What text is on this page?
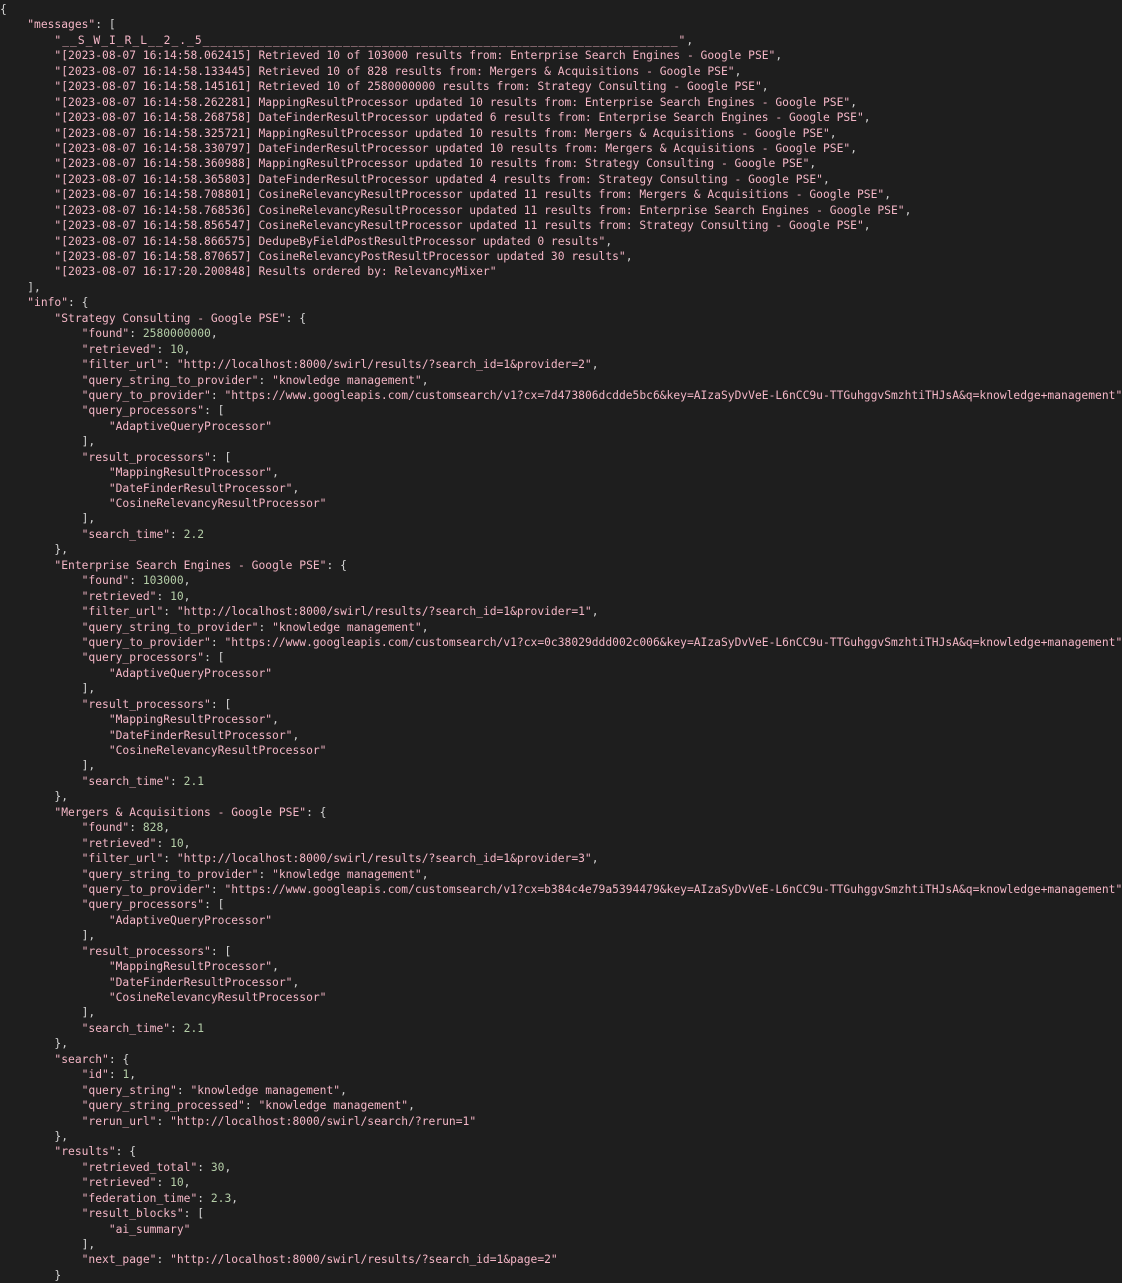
{
"messages": [
"__S_W_I_R_L__2_._5_____________________________________________________________",
"[2023-08-07 16:14:58.062415] Retrieved 10 of 103000 results from: Enterprise Search Engines - Google PSE",
"[2023-08-07 16:14:58.133445] Retrieved 10 of 828 results from: Mergers & Acquisitions - Google PSE",
"[2023-08-07 16:14:58.145161] Retrieved 10 of 2580000000 results from: Strategy Consulting - Google PSE",
"[2023-08-07 16:14:58.262281] MappingResultProcessor updated 10 results from: Enterprise Search Engines - Google PSE",
"[2023-08-07 16:14:58.268758] DateFinderResultProcessor updated 6 results from: Enterprise Search Engines - Google PSE",
"[2023-08-07 16:14:58.325721] MappingResultProcessor updated 10 results from: Mergers & Acquisitions - Google PSE",
"[2023-08-07 16:14:58.330797] DateFinderResultProcessor updated 10 results from: Mergers & Acquisitions - Google PSE",
"[2023-08-07 16:14:58.360988] MappingResultProcessor updated 10 results from: Strategy Consulting - Google PSE",
"[2023-08-07 16:14:58.365803] DateFinderResultProcessor updated 4 results from: Strategy Consulting - Google PSE",
"[2023-08-07 16:14:58.708801] CosineRelevancyResultProcessor updated 11 results from: Mergers & Acquisitions - Google PSE",
"[2023-08-07 16:14:58.768536] CosineRelevancyResultProcessor updated 11 results from: Enterprise Search Engines - Google PSE",
"[2023-08-07 16:14:58.856547] CosineRelevancyResultProcessor updated 11 results from: Strategy Consulting - Google PSE",
"[2023-08-07 16:14:58.866575] DedupeByFieldPostResultProcessor updated 0 results",
"[2023-08-07 16:14:58.870657] CosineRelevancyPostResultProcessor updated 30 results",
"[2023-08-07 16:17:20.200848] Results ordered by: RelevancyMixer"
],
"info": {
"Strategy Consulting - Google PSE": {
"found": 2580000000,
"retrieved": 10,
"filter_url": "http://localhost:8000/swirl/results/?search_id=1&provider=2",
"query_string_to_provider": "knowledge management",
"query_to_provider": "https://www.googleapis.com/customsearch/v1?cx=7d473806dcdde5bc6&key=AIzaSyDvVeE-L6nCC9u-TTGuhggvSmzhtiTHJsA&q=knowledge+management"
"query_processors": [
"AdaptiveQueryProcessor"
],
"result_processors": [
"MappingResultProcessor",
"DateFinderResultProcessor",
"CosineRelevancyResultProcessor"
],
"search_time": 2.2
},
"Enterprise Search Engines - Google PSE": {
"found": 103000,
"retrieved": 10,
"filter_url": "http://localhost:8000/swirl/results/?search_id=1&provider=1",
"query_string_to_provider": "knowledge management",
"query_to_provider": "https://www.googleapis.com/customsearch/v1?cx=0c38029ddd002c006&key=AIzaSyDvVeE-L6nCC9u-TTGuhggvSmzhtiTHJsA&q=knowledge+management"
"query_processors": [
"AdaptiveQueryProcessor"
],
"result_processors": [
"MappingResultProcessor",
"DateFinderResultProcessor",
"CosineRelevancyResultProcessor"
],
"search_time": 2.1
},
"Mergers & Acquisitions - Google PSE": {
"found": 828,
"retrieved": 10,
"filter_url": "http://localhost:8000/swirl/results/?search_id=1&provider=3",
"query_string_to_provider": "knowledge management",
"query_to_provider": "https://www.googleapis.com/customsearch/v1?cx=b384c4e79a5394479&key=AIzaSyDvVeE-L6nCC9u-TTGuhggvSmzhtiTHJsA&q=knowledge+management"
"query_processors": [
"AdaptiveQueryProcessor"
],
"result_processors": [
"MappingResultProcessor",
"DateFinderResultProcessor",
"CosineRelevancyResultProcessor"
],
"search_time": 2.1
},
"search": {
"id": 1,
"query_string": "knowledge management",
"query_string_processed": "knowledge management",
"rerun_url": "http://localhost:8000/swirl/search/?rerun=1"
},
"results": {
"retrieved_total": 30,
"retrieved": 10,
"federation_time": 2.3,
"result_blocks": [
"ai_summary"
],
"next_page": "http://localhost:8000/swirl/results/?search_id=1&page=2"
}
